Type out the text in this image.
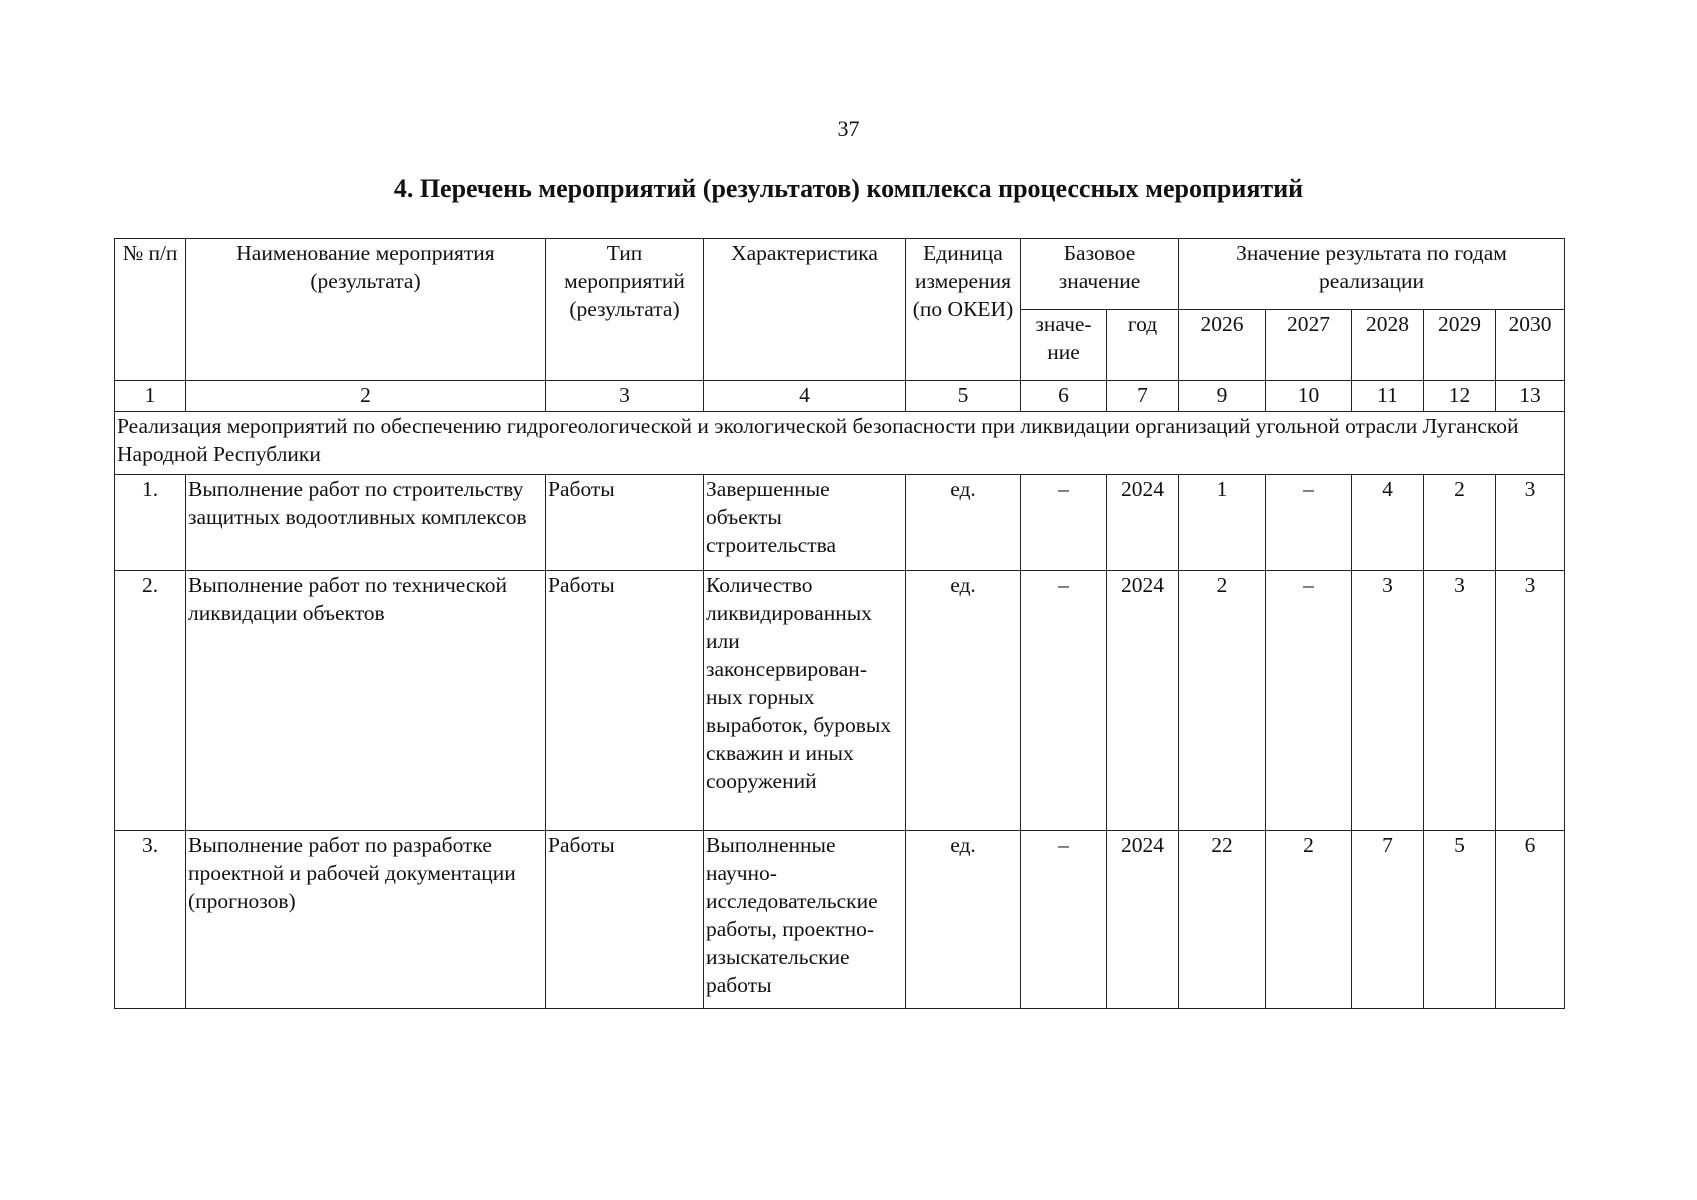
37
4. Перечень мероприятий (результатов) комплекса процессных мероприятий
№ п/п	Наименование мероприятия (результата)	Тип мероприятий (результата)	Характеристика	Единица измерения (по ОКЕИ)	Базовое значение		Значение результата по годам реализации				
					значе-ние	год	2026	2027	2028	2029	2030
1	2	3	4	5	6	7	9	10	11	12	13
Реализация мероприятий по обеспечению гидрогеологической и экологической безопасности при ликвидации организаций угольной отрасли Луганской Народной Республики											
1.	Выполнение работ по строительству защитных водоотливных комплексов	Работы	Завершенные объекты строительства	ед.	–	2024	1	–	4	2	3
2.	Выполнение работ по технической ликвидации объектов	Работы	Количество ликвидированных или законсервирован-ных горных выработок, буровых скважин и иных сооружений	ед.	–	2024	2	–	3	3	3
3.	Выполнение работ по разработке проектной и рабочей документации (прогнозов)	Работы	Выполненные научно-исследовательские работы, проектно-изыскательские работы	ед.	–	2024	22	2	7	5	6
